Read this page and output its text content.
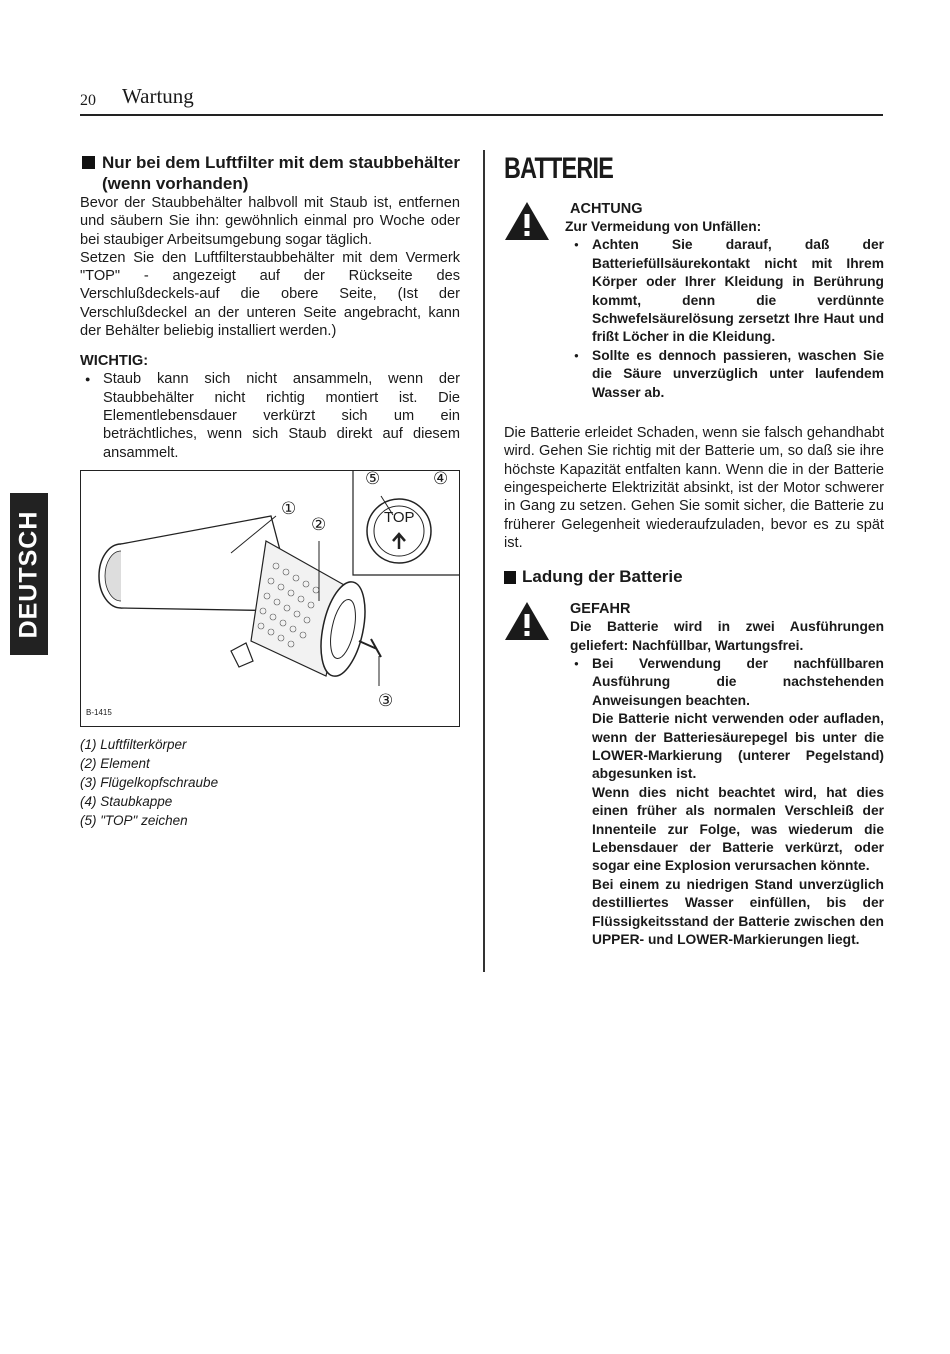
20 Wartung
DEUTSCH

Nur bei dem Luftfilter mit dem staubbehälter (wenn vorhanden)

Bevor der Staubbehälter halbvoll mit Staub ist, entfernen und säubern Sie ihn: gewöhnlich einmal pro Woche oder bei staubiger Arbeitsumgebung sogar täglich.

Setzen Sie den Luftfilterstaubbehälter mit dem Vermerk "TOP" - angezeigt auf der Rückseite des Verschlußdeckels-auf die obere Seite, (Ist der Verschlußdeckel an der unteren Seite angebracht, kann der Behälter beliebig installiert werden.)

WICHTIG:

● Staub kann sich nicht ansammeln, wenn der Staubbehälter nicht richtig montiert ist. Die Elementlebensdauer verkürzt sich um ein beträchtliches, wenn sich Staub direkt auf diesem ansammelt.

①
②
③
④
⑤
TOP
B-1415

(1) Luftfilterkörper

(2) Element

(3) Flügelkopfschraube

(4) Staubkappe

(5) "TOP" zeichen

BATTERIE

ACHTUNG

Zur Vermeidung von Unfällen:

● Achten Sie darauf, daß der Batteriefüllsäurekontakt nicht mit Ihrem Körper oder Ihrer Kleidung in Berührung kommt, denn die verdünnte Schwefelsäurelösung zersetzt Ihre Haut und frißt Löcher in die Kleidung.

● Sollte es dennoch passieren, waschen Sie die Säure unverzüglich unter laufendem Wasser ab.

Die Batterie erleidet Schaden, wenn sie falsch gehandhabt wird. Gehen Sie richtig mit der Batterie um, so daß sie ihre höchste Kapazität entfalten kann. Wenn die in der Batterie eingespeicherte Elektrizität absinkt, ist der Motor schwerer in Gang zu setzen. Gehen Sie somit sicher, die Batterie zu früherer Gelegenheit wiederaufzuladen, bevor es zu spät ist.

Ladung der Batterie

GEFAHR

Die Batterie wird in zwei Ausführungen geliefert: Nachfüllbar, Wartungsfrei.

● Bei Verwendung der nachfüllbaren Ausführung die nachstehenden Anweisungen beachten.

Die Batterie nicht verwenden oder aufladen, wenn der Batteriesäurepegel bis unter die LOWER-Markierung (unterer Pegelstand) abgesunken ist.

Wenn dies nicht beachtet wird, hat dies einen früher als normalen Verschleiß der Innenteile zur Folge, was wiederum die Lebensdauer der Batterie verkürzt, oder sogar eine Explosion verursachen könnte.

Bei einem zu niedrigen Stand unverzüglich destilliertes Wasser einfüllen, bis der Flüssigkeitsstand der Batterie zwischen den UPPER- und LOWER-Markierungen liegt.
